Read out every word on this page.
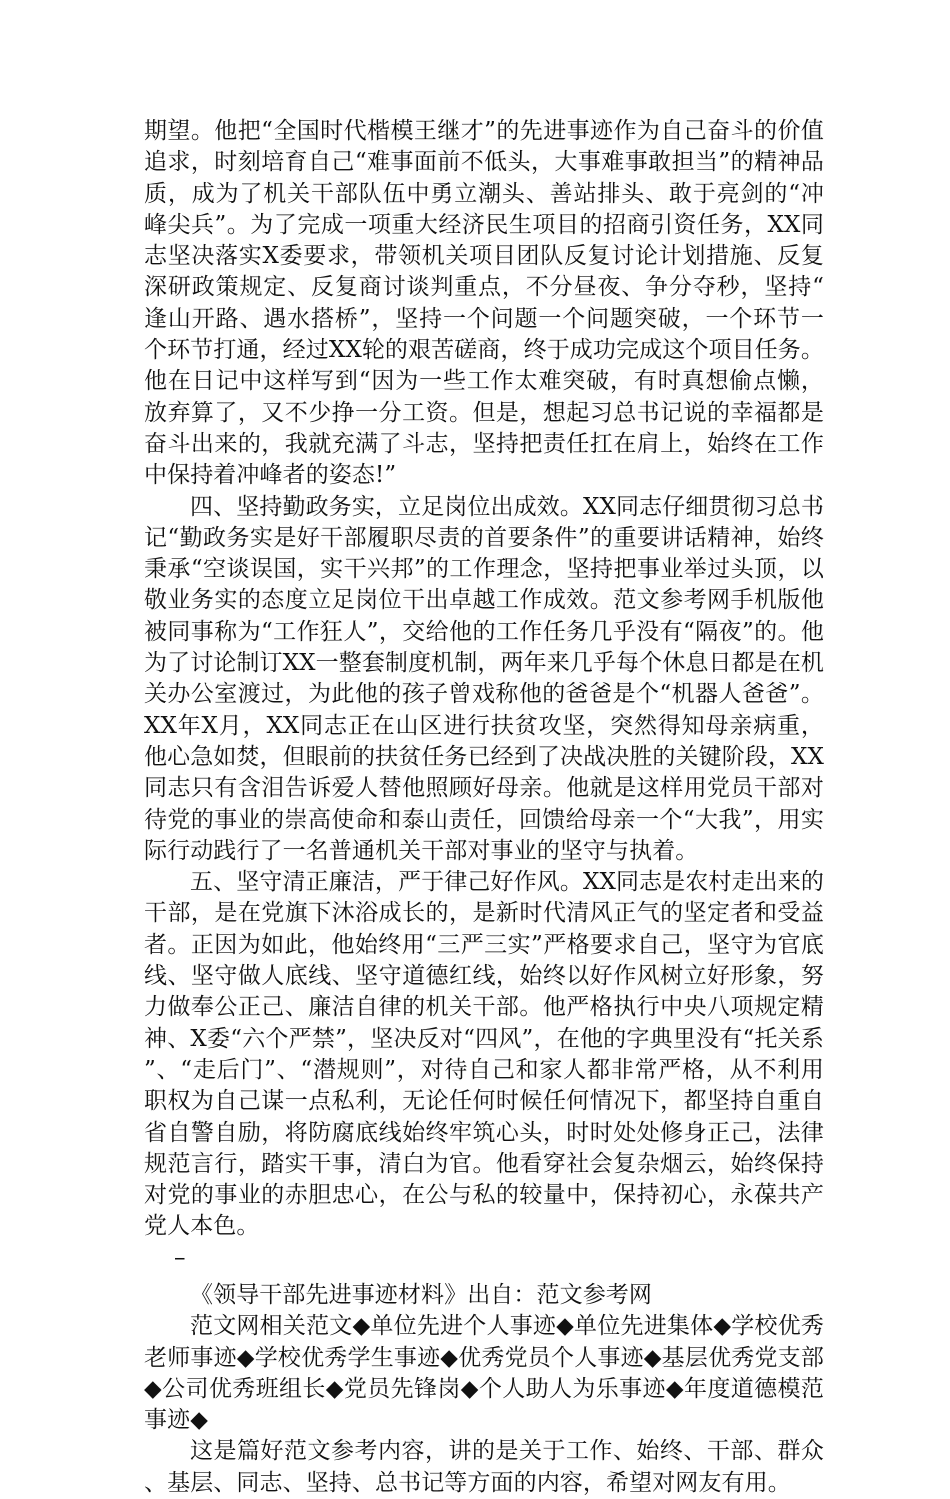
期望。他把“全国时代楷模王继才”的先进事迹作为自己奋斗的价值追求，时刻培育自己“难事面前不低头，大事难事敢担当”的精神品质，成为了机关干部队伍中勇立潮头、善站排头、敢于亮剑的“冲峰尖兵”。为了完成一项重大经济民生项目的招商引资任务，XX同志坚决落实X委要求，带领机关项目团队反复讨论计划措施、反复深研政策规定、反复商讨谈判重点，不分昼夜、争分夺秒，坚持“逢山开路、遇水搭桥”，坚持一个问题一个问题突破，一个环节一个环节打通，经过XX轮的艰苦磋商，终于成功完成这个项目任务。他在日记中这样写到“因为一些工作太难突破，有时真想偷点懒，放弃算了，又不少挣一分工资。但是，想起习总书记说的幸福都是奋斗出来的，我就充满了斗志，坚持把责任扛在肩上，始终在工作中保持着冲峰者的姿态!”

四、坚持勤政务实，立足岗位出成效。XX同志仔细贯彻习总书记“勤政务实是好干部履职尽责的首要条件”的重要讲话精神，始终秉承“空谈误国，实干兴邦”的工作理念，坚持把事业举过头顶，以敬业务实的态度立足岗位干出卓越工作成效。范文参考网手机版他被同事称为“工作狂人”，交给他的工作任务几乎没有“隔夜”的。他为了讨论制订XX一整套制度机制，两年来几乎每个休息日都是在机关办公室渡过，为此他的孩子曾戏称他的爸爸是个“机器人爸爸”。XX年X月，XX同志正在山区进行扶贫攻坚，突然得知母亲病重，他心急如焚，但眼前的扶贫任务已经到了决战决胜的关键阶段，XX同志只有含泪告诉爱人替他照顾好母亲。他就是这样用党员干部对待党的事业的崇高使命和泰山责任，回馈给母亲一个“大我”，用实际行动践行了一名普通机关干部对事业的坚守与执着。

五、坚守清正廉洁，严于律己好作风。XX同志是农村走出来的干部，是在党旗下沐浴成长的，是新时代清风正气的坚定者和受益者。正因为如此，他始终用“三严三实”严格要求自己，坚守为官底线、坚守做人底线、坚守道德红线，始终以好作风树立好形象，努力做奉公正己、廉洁自律的机关干部。他严格执行中央八项规定精神、X委“六个严禁”，坚决反对“四风”，在他的字典里没有“托关系”、“走后门”、“潜规则”，对待自己和家人都非常严格，从不利用职权为自己谋一点私利，无论任何时候任何情况下，都坚持自重自省自警自励，将防腐底线始终牢筑心头，时时处处修身正己，法律规范言行，踏实干事，清白为官。他看穿社会复杂烟云，始终保持对党的事业的赤胆忠心，在公与私的较量中，保持初心，永葆共产党人本色。

–

《领导干部先进事迹材料》出自：范文参考网

范文网相关范文◆单位先进个人事迹◆单位先进集体◆学校优秀老师事迹◆学校优秀学生事迹◆优秀党员个人事迹◆基层优秀党支部◆公司优秀班组长◆党员先锋岗◆个人助人为乐事迹◆年度道德模范事迹◆

这是篇好范文参考内容，讲的是关于工作、始终、干部、群众、基层、同志、坚持、总书记等方面的内容，希望对网友有用。
